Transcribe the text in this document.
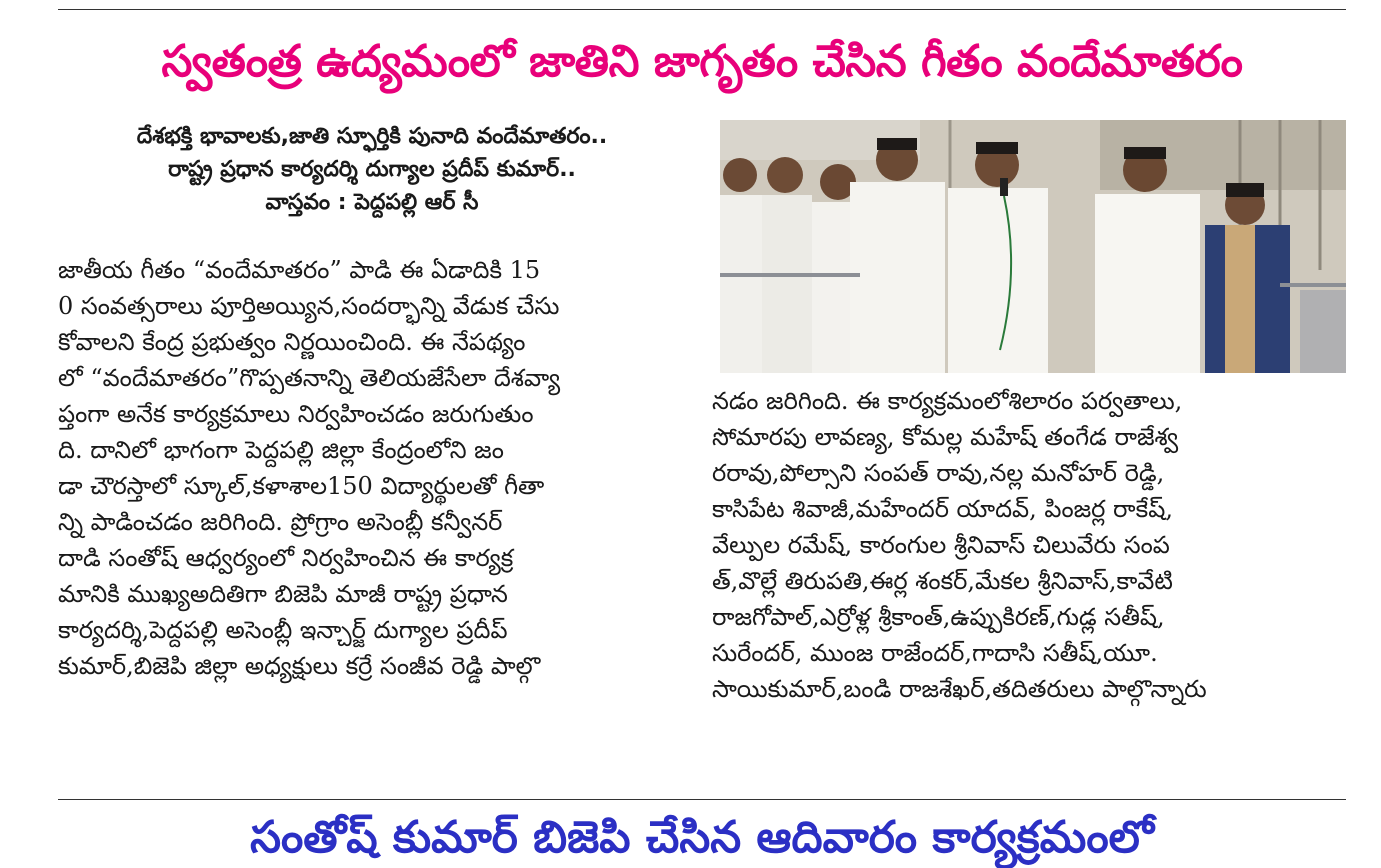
స్వతంత్ర ఉద్యమంలో జాతిని జాగృతం చేసిన గీతం వందేమాతరం
దేశభక్తి భావాలకు,జాతి స్ఫూర్తికి పునాది వందేమాతరం..
రాష్ట్ర ప్రధాన కార్యదర్శి దుగ్యాల ప్రదీప్ కుమార్..
వాస్తవం : పెద్దపల్లి ఆర్ సీ
జాతీయ గీతం “వందేమాతరం” పాడి ఈ ఏడాదికి 15
0 సంవత్సరాలు పూర్తిఅయ్యిన,సందర్భాన్ని వేడుక చేసు
కోవాలని కేంద్ర ప్రభుత్వం నిర్ణయించింది. ఈ నేపథ్యం
లో “వందేమాతరం”గొప్పతనాన్ని తెలియజేసేలా దేశవ్యా
ప్తంగా అనేక కార్యక్రమాలు నిర్వహించడం జరుగుతుం
ది. దానిలో భాగంగా పెద్దపల్లి జిల్లా కేంద్రంలోని జం
డా చౌరస్తాలో స్కూల్,కళాశాల150 విద్యార్థులతో గీతా
న్ని పాడించడం జరిగింది. ప్రోగ్రాం అసెంబ్లీ కన్వీనర్
దాడి సంతోష్ ఆధ్వర్యంలో నిర్వహించిన ఈ కార్యక్ర
మానికి ముఖ్యఅదితిగా బిజెపి మాజీ రాష్ట్ర ప్రధాన
కార్యదర్శి,పెద్దపల్లి అసెంబ్లీ ఇన్చార్జ్ దుగ్యాల ప్రదీప్
కుమార్,బిజెపి జిల్లా అధ్యక్షులు కర్రే సంజీవ రెడ్డి పాల్గొ
నడం జరిగింది. ఈ కార్యక్రమంలోశిలారం పర్వతాలు,
సోమారపు లావణ్య, కోమల్ల మహేష్ తంగేడ రాజేశ్వ
రరావు,పోల్సాని సంపత్ రావు,నల్ల మనోహర్ రెడ్డి,
కాసిపేట శివాజీ,మహేందర్ యాదవ్, పింజర్ల రాకేష్,
వేల్పుల రమేష్, కారంగుల శ్రీనివాస్ చిలువేరు సంప
త్,వొల్లే తిరుపతి,ఈర్ల శంకర్,మేకల శ్రీనివాస్,కావేటి
రాజగోపాల్,ఎర్రోళ్ల శ్రీకాంత్,ఉప్పుకిరణ్,గుడ్ల సతీష్,
సురేందర్, ముంజ రాజేందర్,గాదాసి సతీష్,యూ.
సాయికుమార్,బండి రాజశేఖర్,తదితరులు పాల్గొన్నారు
సంతోష్ కుమార్ బిజెపి చేసిన ఆదివారం కార్యక్రమంలో
